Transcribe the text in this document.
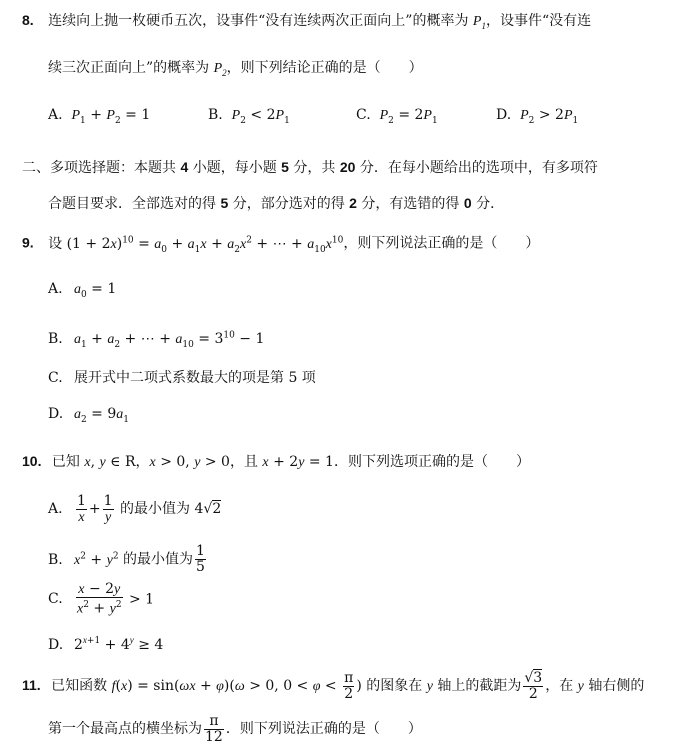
8. 连续向上抛一枚硬币五次，设事件“没有连续两次正面向上”的概率为 $P_1$，设事件“没有连
续三次正面向上”的概率为 $P_2$，则下列结论正确的是（　　）
A. $P_1 + P_2 = 1$	B. $P_2 < 2P_1$	C. $P_2 = 2P_1$	D. $P_2 > 2P_1$
二、多项选择题：本题共 4 小题，每小题 5 分，共 20 分．在每小题给出的选项中，有多项符
合题目要求．全部选对的得 5 分，部分选对的得 2 分，有选错的得 0 分．
9. 设 $(1 + 2x)^{10} = a_0 + a_1x + a_2x^2$ + ⋯ + $a_{10}x^{10}$，则下列说法正确的是（　　）
A. $a_0 = 1$
B. $a_1 + a_2$ + ⋯ + $a_{10} = 3^{10} - 1$
C. 展开式中二项式系数最大的项是第 5 项
D. $a_2 = 9a_1$
10. 已知 x, y ∈ R，x > 0, y > 0，且 x + 2y = 1．则下列选项正确的是（　　）
A. $\frac{1}{x} + \frac{1}{y}$ 的最小值为 4√2
B. $x^2 + y^2$ 的最小值为 $\frac{1}{5}$
C. $\frac{x - 2y}{x^2 + y^2} > 1$
D. $2^{x+1} + 4^y \ge 4$
11. 已知函数 f(x) = sin(ωx + φ)(ω > 0, $0 < \varphi < \frac{\pi}{2}$ ) 的图象在 y 轴上的截距为 $\frac{√3}{2}$ ，在 y 轴右侧的
第一个最高点的横坐标为 $\frac{\pi}{12}$ ．则下列说法正确的是（　　）
